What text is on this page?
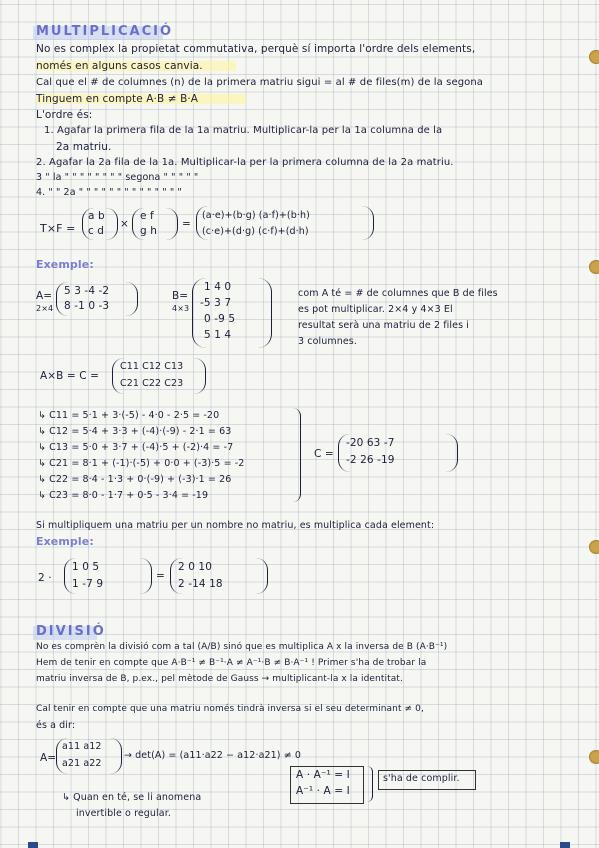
MULTIPLICACIÓ
No es complex la propietat commutativa, perquè sí importa l'ordre dels elements,
només en alguns casos canvia.
Cal que el # de columnes (n) de la primera matriu sigui = al # de files(m) de la segona
Tinguem en compte A·B ≠ B·A
L'ordre és:
1. Agafar la primera fila de la 1a matriu. Multiplicar-la per la 1a columna de la
2a matriu.
2. Agafar la 2a fila de la 1a. Multiplicar-la per la primera columna de la 2a matriu.
3 " la " " " " " " " " segona " " " " "
4. " " 2a " " " " " " " " " " " " " "
T×F =
a b
c d
×
e f
g h
=
(a·e)+(b·g) (a·f)+(b·h)
(c·e)+(d·g) (c·f)+(d·h)
Exemple:
A=
2×4
5 3 -4 -2
8 -1 0 -3
B=
4×3
1 4 0
-5 3 7
0 -9 5
5 1 4
com A té = # de columnes que B de files
es pot multiplicar. 2×4 y 4×3 El
resultat serà una matriu de 2 files i
3 columnes.
A×B = C =
C11 C12 C13
C21 C22 C23
↳ C11 = 5·1 + 3·(-5) - 4·0 - 2·5 = -20
↳ C12 = 5·4 + 3·3 + (-4)·(-9) - 2·1 = 63
↳ C13 = 5·0 + 3·7 + (-4)·5 + (-2)·4 = -7
↳ C21 = 8·1 + (-1)·(-5) + 0·0 + (-3)·5 = -2
↳ C22 = 8·4 - 1·3 + 0·(-9) + (-3)·1 = 26
↳ C23 = 8·0 - 1·7 + 0·5 - 3·4 = -19
C =
-20 63 -7
-2 26 -19
Si multipliquem una matriu per un nombre no matriu, es multiplica cada element:
Exemple:
2 ·
1 0 5
1 -7 9
=
2 0 10
2 -14 18
DIVISIÓ
No es comprèn la divisió com a tal (A/B) sinó que es multiplica A x la inversa de B (A·B⁻¹)
Hem de tenir en compte que A·B⁻¹ ≠ B⁻¹·A ≠ A⁻¹·B ≠ B·A⁻¹ ! Primer s'ha de trobar la
matriu inversa de B, p.ex., pel mètode de Gauss → multiplicant-la x la identitat.
Cal tenir en compte que una matriu només tindrà inversa si el seu determinant ≠ 0,
és a dir:
A=
a11 a12
a21 a22
→ det(A) = (a11·a22 − a12·a21) ≠ 0
↳ Quan en té, se li anomena
invertible o regular.
A · A⁻¹ = I
A⁻¹ · A = I
s'ha de complir.
